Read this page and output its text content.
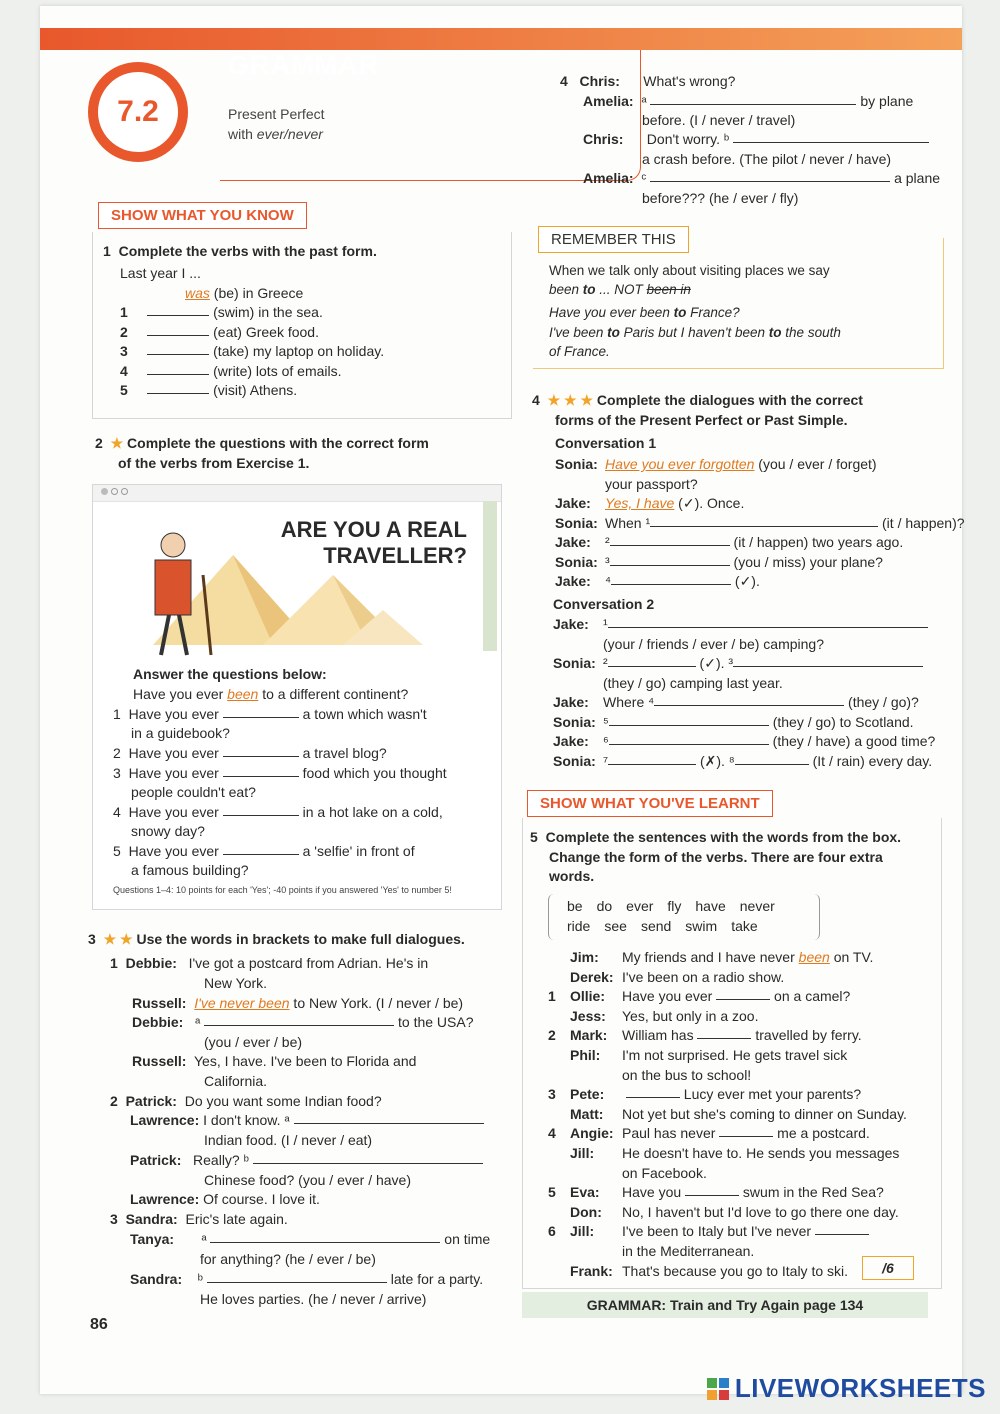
7.2
GRAMMAR
Present Perfect
with ever/never
SHOW WHAT YOU KNOW
1 Complete the verbs with the past form.
Last year I ...
was (be) in Greece
2 ★ Complete the questions with the correct form
of the verbs from Exercise 1.
ARE YOU A REAL
TRAVELLER?
Answer the questions below:
Have you ever been to a different continent?
Questions 1–4: 10 points for each 'Yes'; -40 points if you answered 'Yes' to number 5!
1  Have you ever	a town which wasn't
in a guidebook?
2  Have you ever	a travel blog?
3  Have you ever	food which you thought
people couldn't eat?
4  Have you ever	in a hot lake on a cold,
snowy day?
5  Have you ever	a 'selfie' in front of
a famous building?
3 ★ ★ Use the words in brackets to make full dialogues.
86
REMEMBER THIS
When we talk only about visiting places we say
been to ... NOT been in
Have you ever been to France?
I've been to Paris but I haven't been to the south
of France.
4 ★ ★ ★ Complete the dialogues with the correct
forms of the Present Perfect or Past Simple.
Conversation 1
Conversation 2
SHOW WHAT YOU'VE LEARNT
5 Complete the sentences with the words from the box.
Change the form of the verbs. There are four extra
words.
be do ever fly have never
ride see send swim take
/6
GRAMMAR: Train and Try Again page 134
1	(swim) in the sea.
2	(eat) Greek food.
3	(take) my laptop on holiday.
4	(write) lots of emails.
5	(visit) Athens.
1 Debbie:   I've got a postcard from Adrian. He's in
New York.
Russell: I've never been to New York. (I / never / be)
Debbie:   ᵃ	to the USA?
(you / ever / be)
Russell:  Yes, I have. I've been to Florida and
California.
2 Patrick:  Do you want some Indian food?
Lawrence: I don't know. ᵃ
Indian food. (I / never / eat)
Patrick:   Really? ᵇ
Chinese food? (you / ever / have)
Lawrence: Of course. I love it.
3 Sandra:  Eric's late again.
Tanya:       ᵃ	on time
for anything? (he / ever / be)
Sandra:    ᵇ	late for a party.
He loves parties. (he / never / arrive)
4 Chris:      What's wrong?
Amelia:  ᵃ	by plane
before. (I / never / travel)
Chris:      Don't worry. ᵇ
a crash before. (The pilot / never / have)
Amelia:  ᶜ	a plane
before??? (he / ever / fly)
Sonia: Have you ever forgotten (you / ever / forget)
your passport?
Jake: Yes, I have (✓). Once.
Sonia: When ¹	(it / happen)?
Jake: ²	(it / happen) two years ago.
Sonia: ³	(you / miss) your plane?
Jake: ⁴	(✓).
Jake: ¹
(your / friends / ever / be) camping?
Sonia: ²	(✓). ³
(they / go) camping last year.
Jake: Where ⁴	(they / go)?
Sonia: ⁵	(they / go) to Scotland.
Jake: ⁶	(they / have) a good time?
Sonia: ⁷	(✗). ⁸	(It / rain) every day.
Jim: My friends and I have never been on TV.
Derek: I've been on a radio show.
1 Ollie: Have you ever	on a camel?
Jess: Yes, but only in a zoo.
2 Mark: William has	travelled by ferry.
Phil: I'm not surprised. He gets travel sick
on the bus to school!
3 Pete:	Lucy ever met your parents?
Matt: Not yet but she's coming to dinner on Sunday.
4 Angie: Paul has never	me a postcard.
Jill: He doesn't have to. He sends you messages
on Facebook.
5 Eva: Have you	swum in the Red Sea?
Don: No, I haven't but I'd love to go there one day.
6 Jill: I've been to Italy but I've never
in the Mediterranean.
Frank: That's because you go to Italy to ski.
LIVEWORKSHEETS
